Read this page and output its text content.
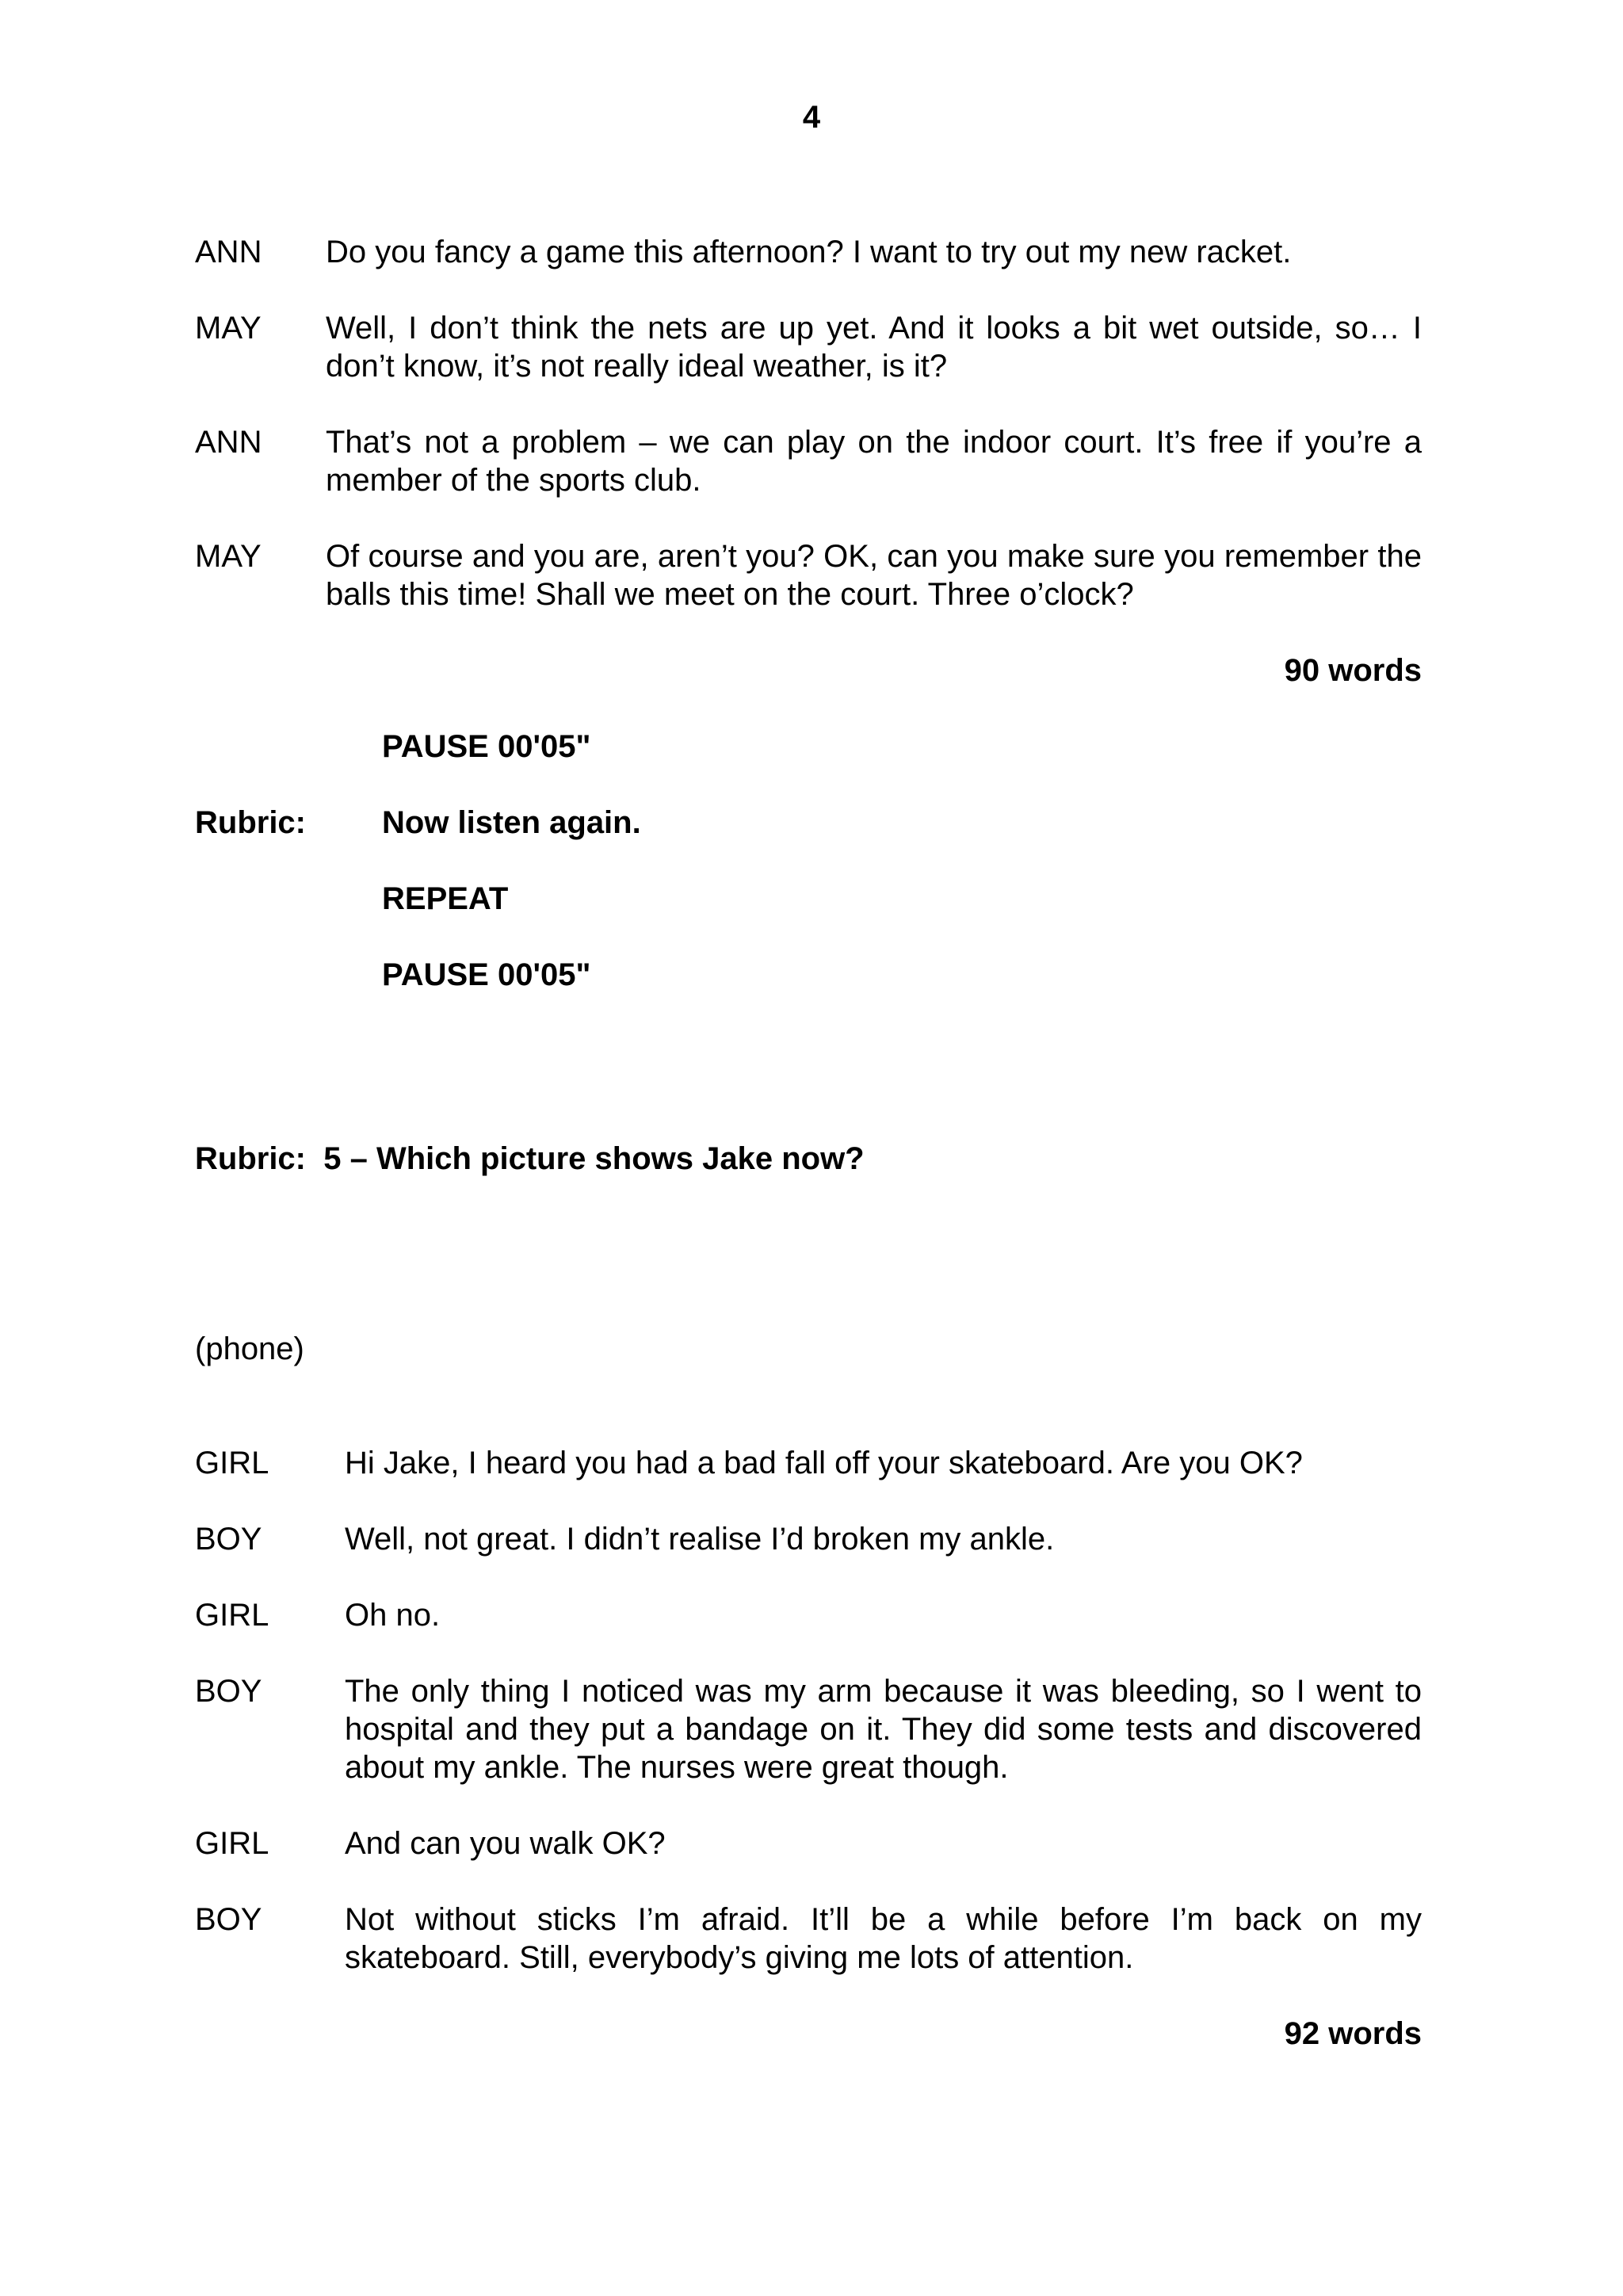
4
ANN	Do you fancy a game this afternoon? I want to try out my new racket.
MAY	Well, I don’t think the nets are up yet. And it looks a bit wet outside, so… I don’t know, it’s not really ideal weather, is it?
ANN	That’s not a problem – we can play on the indoor court. It’s free if you’re a member of the sports club.
MAY	Of course and you are, aren’t you? OK, can you make sure you remember the balls this time! Shall we meet on the court. Three o’clock?
90 words
PAUSE 00'05"
Rubric: Now listen again.
REPEAT
PAUSE 00'05"
Rubric:  5 – Which picture shows Jake now?
(phone)
GIRL	Hi Jake, I heard you had a bad fall off your skateboard. Are you OK?
BOY	Well, not great. I didn’t realise I’d broken my ankle.
GIRL	Oh no.
BOY	The only thing I noticed was my arm because it was bleeding, so I went to hospital and they put a bandage on it. They did some tests and discovered about my ankle. The nurses were great though.
GIRL	And can you walk OK?
BOY	Not without sticks I’m afraid. It’ll be a while before I’m back on my skateboard. Still, everybody’s giving me lots of attention.
92 words
